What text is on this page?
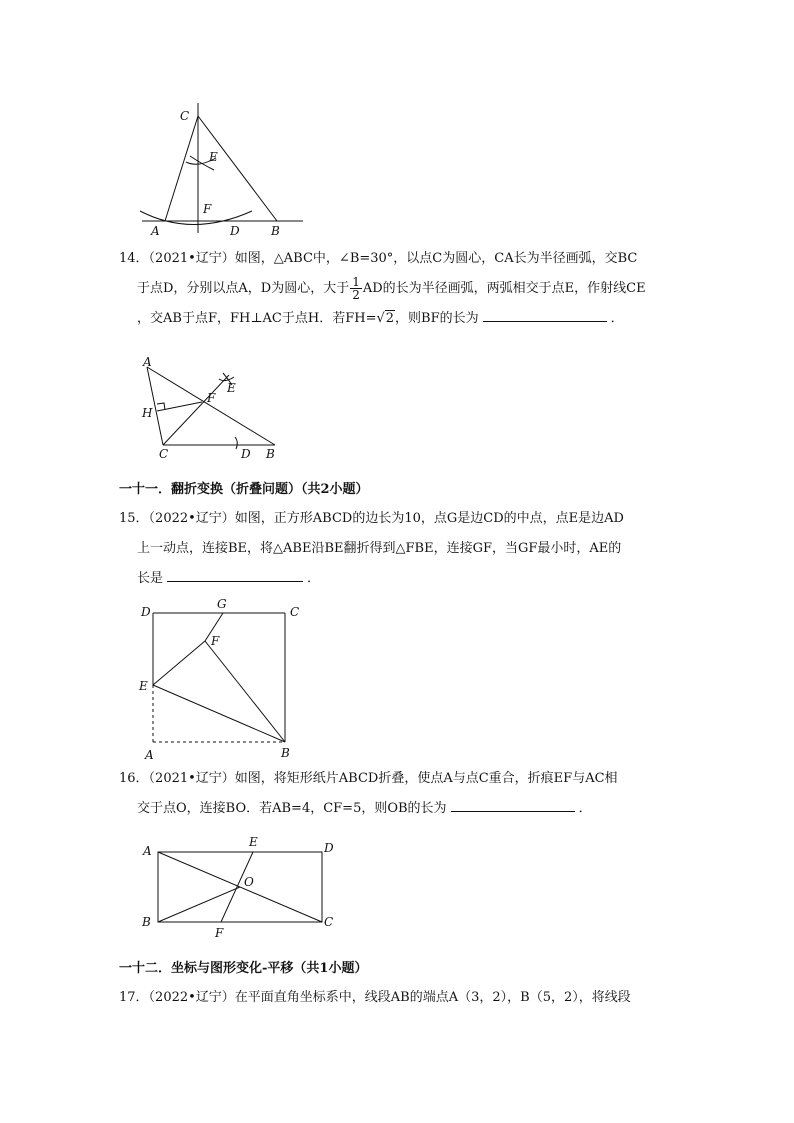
C
E
F
A	D	B
14．（2021•辽宁）如图，△ABC中，∠B=30°，以点C为圆心，CA长为半径画弧，交BC
于点D，分别以点A，D为圆心，大于 $\frac{1}{2}$ AD的长为半径画弧，两弧相交于点E，作射线CE
，交AB于点F，FH⊥AC于点H．若FH=√2，则BF的长为	．
A
E
F
H
C	D B
一十一．翻折变换（折叠问题）（共2小题）
15．（2022•辽宁）如图，正方形ABCD的边长为10，点G是边CD的中点，点E是边AD
上一动点，连接BE，将△ABE沿BE翻折得到△FBE，连接GF，当GF最小时，AE的
长是	．
D
G
C
F
E
A	B
16．（2021•辽宁）如图，将矩形纸片ABCD折叠，使点A与点C重合，折痕EF与AC相
交于点O，连接BO．若AB=4，CF=5，则OB的长为	．
A
E	D
O
B	C
F
一十二．坐标与图形变化-平移（共1小题）
17．（2022•辽宁）在平面直角坐标系中，线段AB的端点A（3，2），B（5，2），将线段
